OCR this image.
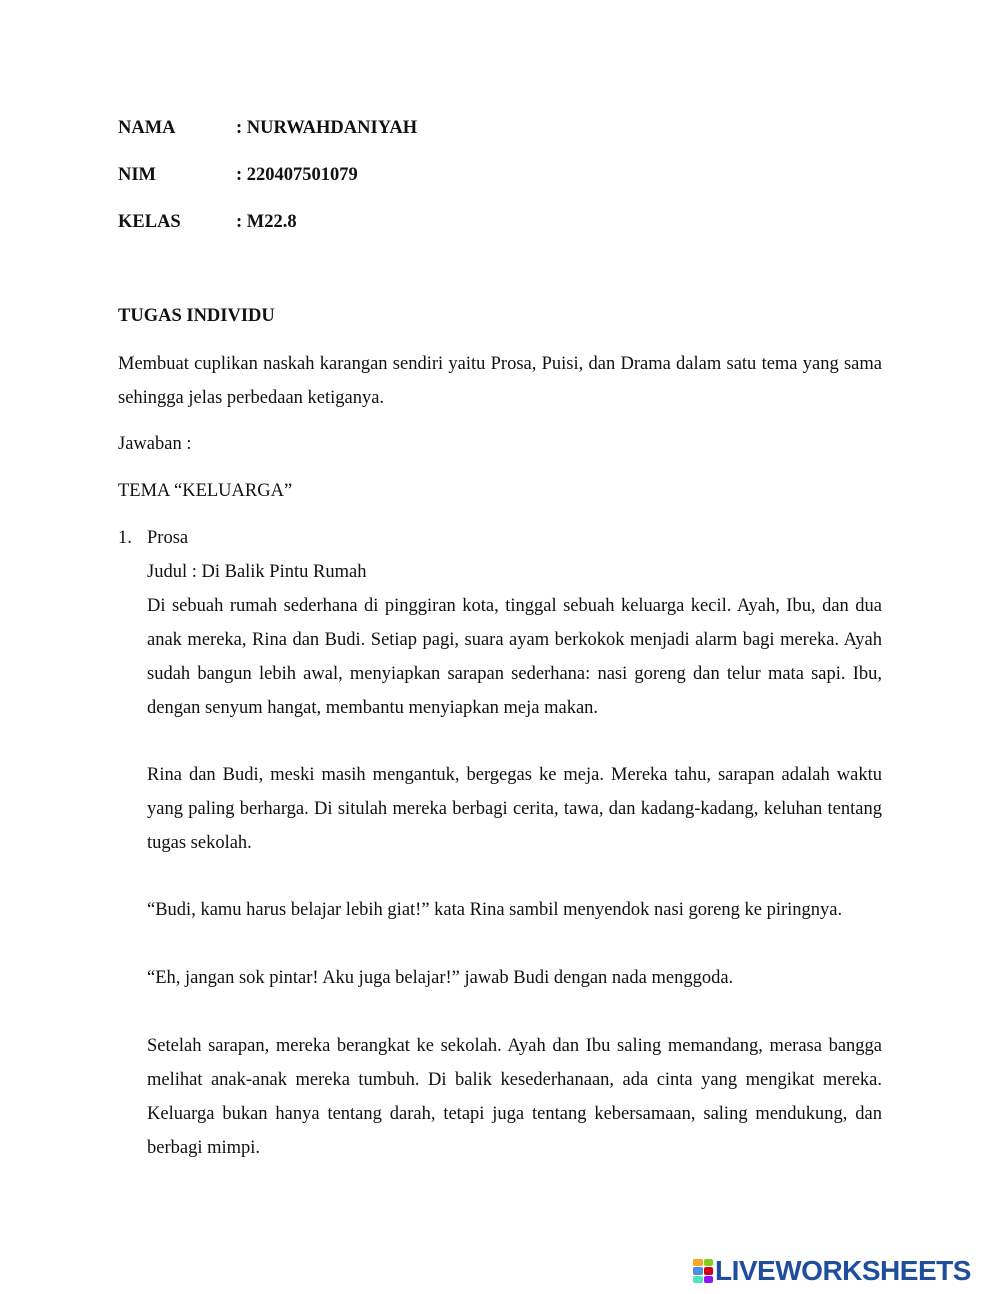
NAMA	: NURWAHDANIYAH
NIM	: 220407501079
KELAS	: M22.8
TUGAS INDIVIDU
Membuat cuplikan naskah karangan sendiri yaitu Prosa, Puisi, dan Drama dalam satu tema yang sama sehingga jelas perbedaan ketiganya.
Jawaban :
TEMA “KELUARGA”
1. Prosa
Judul : Di Balik Pintu Rumah
Di sebuah rumah sederhana di pinggiran kota, tinggal sebuah keluarga kecil. Ayah, Ibu, dan dua anak mereka, Rina dan Budi. Setiap pagi, suara ayam berkokok menjadi alarm bagi mereka. Ayah sudah bangun lebih awal, menyiapkan sarapan sederhana: nasi goreng dan telur mata sapi. Ibu, dengan senyum hangat, membantu menyiapkan meja makan.
Rina dan Budi, meski masih mengantuk, bergegas ke meja. Mereka tahu, sarapan adalah waktu yang paling berharga. Di situlah mereka berbagi cerita, tawa, dan kadang-kadang, keluhan tentang tugas sekolah.
“Budi, kamu harus belajar lebih giat!” kata Rina sambil menyendok nasi goreng ke piringnya.
“Eh, jangan sok pintar! Aku juga belajar!” jawab Budi dengan nada menggoda.
Setelah sarapan, mereka berangkat ke sekolah. Ayah dan Ibu saling memandang, merasa bangga melihat anak-anak mereka tumbuh. Di balik kesederhanaan, ada cinta yang mengikat mereka. Keluarga bukan hanya tentang darah, tetapi juga tentang kebersamaan, saling mendukung, dan berbagi mimpi.
LIVEWORKSHEETS
